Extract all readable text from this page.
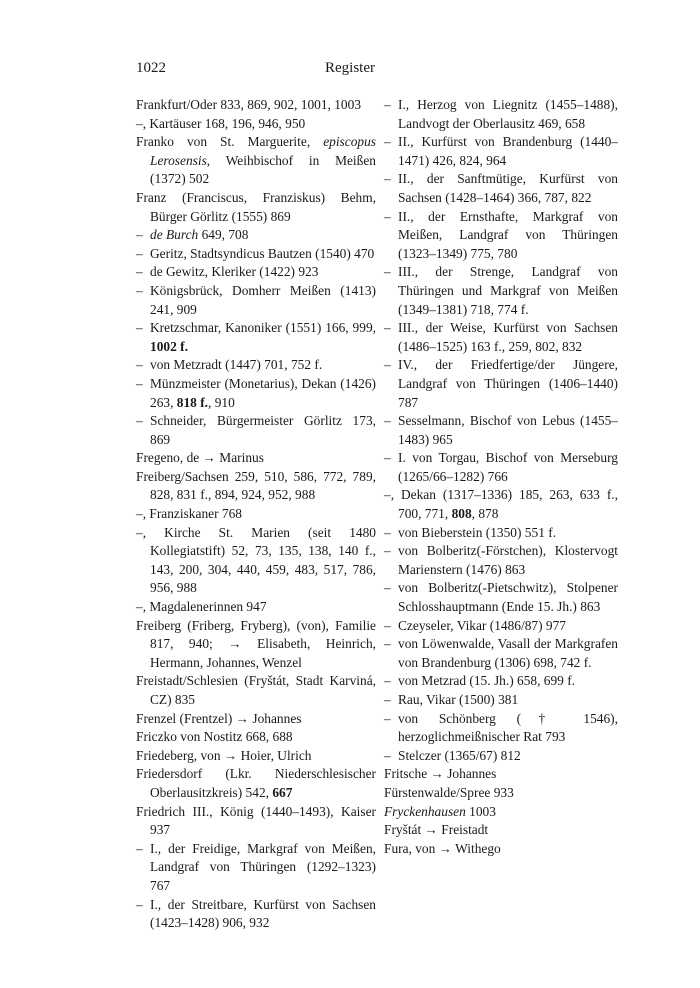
1022	Register
Frankfurt/Oder 833, 869, 902, 1001, 1003
–, Kartäuser 168, 196, 946, 950
Franko von St. Marguerite, episcopus Lerosensis, Weihbischof in Meißen (1372) 502
Franz (Franciscus, Franziskus) Behm, Bürger Görlitz (1555) 869
– de Burch 649, 708
– Geritz, Stadtsyndicus Bautzen (1540) 470
– de Gewitz, Kleriker (1422) 923
– Königsbrück, Domherr Meißen (1413) 241, 909
– Kretzschmar, Kanoniker (1551) 166, 999, 1002 f.
– von Metzradt (1447) 701, 752 f.
– Münzmeister (Monetarius), Dekan (1426) 263, 818 f., 910
– Schneider, Bürgermeister Görlitz 173, 869
Fregeno, de → Marinus
Freiberg/Sachsen 259, 510, 586, 772, 789, 828, 831 f., 894, 924, 952, 988
–, Franziskaner 768
–, Kirche St. Marien (seit 1480 Kollegiatstift) 52, 73, 135, 138, 140 f., 143, 200, 304, 440, 459, 483, 517, 786, 956, 988
–, Magdalenerinnen 947
Freiberg (Friberg, Fryberg), (von), Familie 817, 940; → Elisabeth, Heinrich, Hermann, Johannes, Wenzel
Freistadt/Schlesien (Fryštát, Stadt Karviná, CZ) 835
Frenzel (Frentzel) → Johannes
Friczko von Nostitz 668, 688
Friedeberg, von → Hoier, Ulrich
Friedersdorf (Lkr. Niederschlesischer Oberlausitzkreis) 542, 667
Friedrich III., König (1440–1493), Kaiser 937
– I., der Freidige, Markgraf von Meißen, Landgraf von Thüringen (1292–1323) 767
– I., der Streitbare, Kurfürst von Sachsen (1423–1428) 906, 932
– I., Herzog von Liegnitz (1455–1488), Landvogt der Oberlausitz 469, 658
– II., Kurfürst von Brandenburg (1440–1471) 426, 824, 964
– II., der Sanftmütige, Kurfürst von Sachsen (1428–1464) 366, 787, 822
– II., der Ernsthafte, Markgraf von Meißen, Landgraf von Thüringen (1323–1349) 775, 780
– III., der Strenge, Landgraf von Thüringen und Markgraf von Meißen (1349–1381) 718, 774 f.
– III., der Weise, Kurfürst von Sachsen (1486–1525) 163 f., 259, 802, 832
– IV., der Friedfertige/der Jüngere, Landgraf von Thüringen (1406–1440) 787
– Sesselmann, Bischof von Lebus (1455–1483) 965
– I. von Torgau, Bischof von Merseburg (1265/66–1282) 766
–, Dekan (1317–1336) 185, 263, 633 f., 700, 771, 808, 878
– von Bieberstein (1350) 551 f.
– von Bolberitz(-Förstchen), Klostervogt Marienstern (1476) 863
– von Bolberitz(-Pietschwitz), Stolpener Schlosshauptmann (Ende 15. Jh.) 863
– Czeyseler, Vikar (1486/87) 977
– von Löwenwalde, Vasall der Markgrafen von Brandenburg (1306) 698, 742 f.
– von Metzrad (15. Jh.) 658, 699 f.
– Rau, Vikar (1500) 381
– von Schönberg († 1546), herzoglichmeißnischer Rat 793
– Stelczer (1365/67) 812
Fritsche → Johannes
Fürstenwalde/Spree 933
Fryckenhausen 1003
Fryštát → Freistadt
Fura, von → Withego
